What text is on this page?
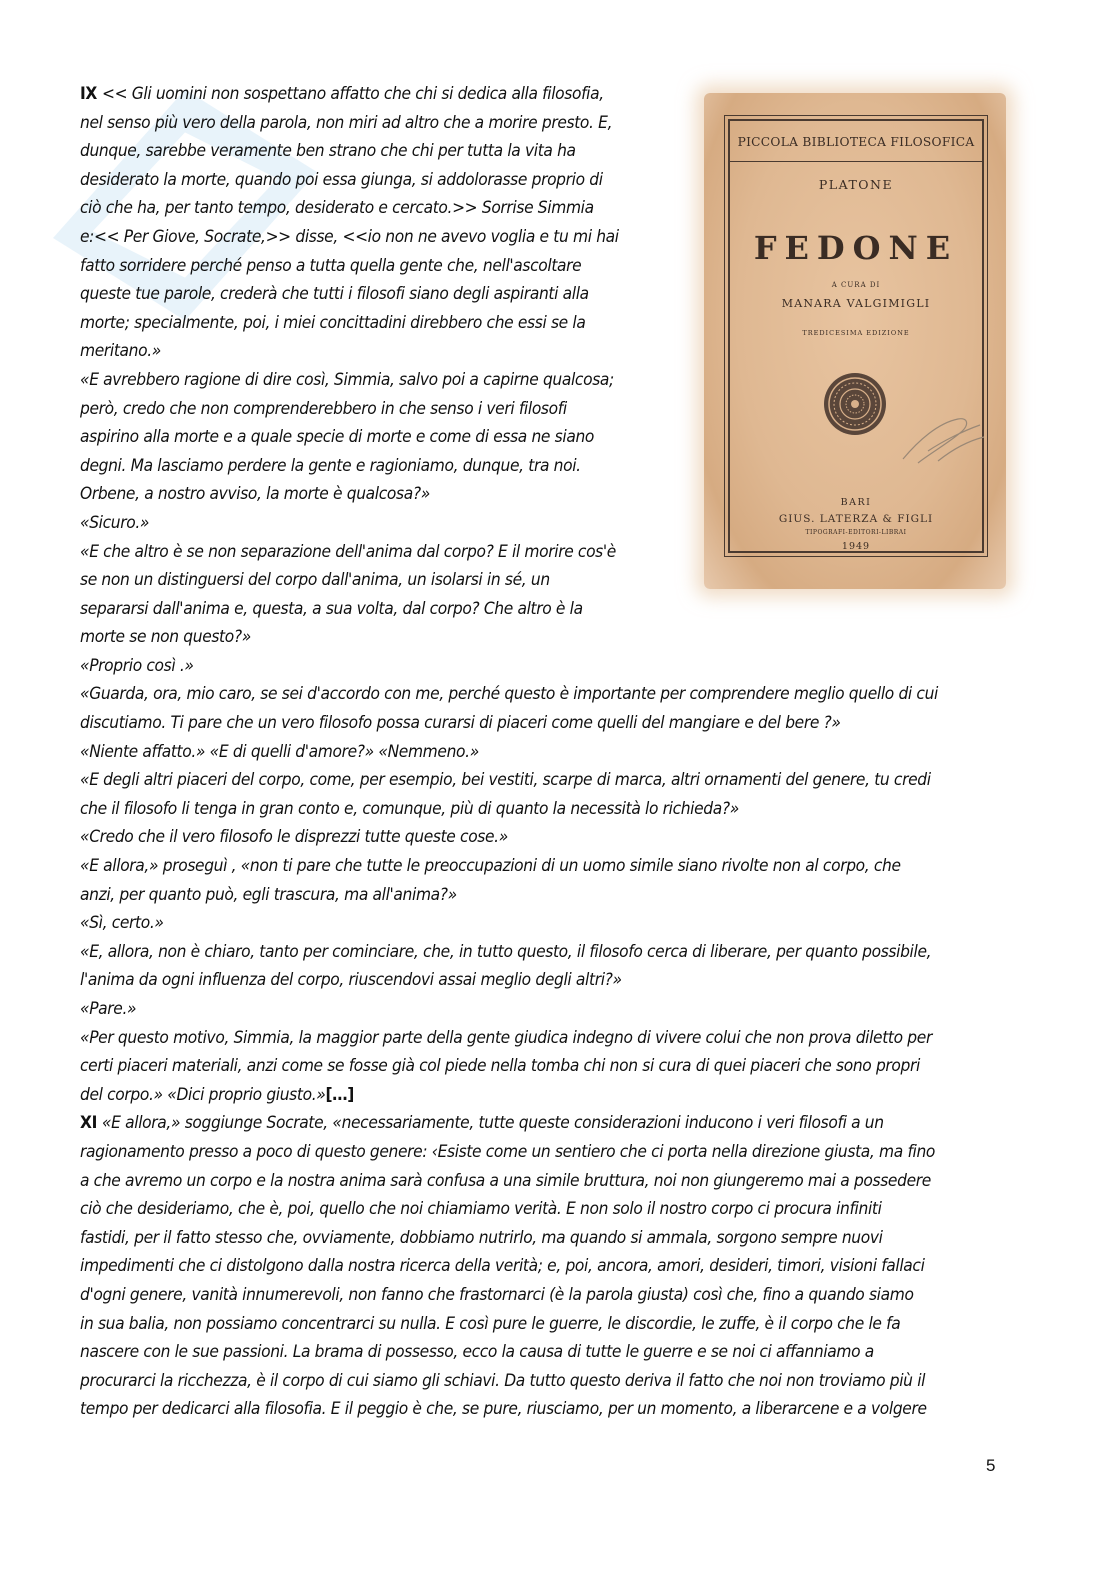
IX << Gli uomini non sospettano affatto che chi si dedica alla filosofia,
nel senso più vero della parola, non miri ad altro che a morire presto. E,
dunque, sarebbe veramente ben strano che chi per tutta la vita ha
desiderato la morte, quando poi essa giunga, si addolorasse proprio di
ciò che ha, per tanto tempo, desiderato e cercato.>> Sorrise Simmia
e:<< Per Giove, Socrate,>> disse, <<io non ne avevo voglia e tu mi hai
fatto sorridere perché penso a tutta quella gente che, nell'ascoltare
queste tue parole, crederà che tutti i filosofi siano degli aspiranti alla
morte; specialmente, poi, i miei concittadini direbbero che essi se la
meritano.»
«E avrebbero ragione di dire così, Simmia, salvo poi a capirne qualcosa;
però, credo che non comprenderebbero in che senso i veri filosofi
aspirino alla morte e a quale specie di morte e come di essa ne siano
degni. Ma lasciamo perdere la gente e ragioniamo, dunque, tra noi.
Orbene, a nostro avviso, la morte è qualcosa?»
«Sicuro.»
«E che altro è se non separazione dell'anima dal corpo? E il morire cos'è
se non un distinguersi del corpo dall'anima, un isolarsi in sé, un
separarsi dall'anima e, questa, a sua volta, dal corpo? Che altro è la
morte se non questo?»
«Proprio così .»
«Guarda, ora, mio caro, se sei d'accordo con me, perché questo è importante per comprendere meglio quello di cui
discutiamo. Ti pare che un vero filosofo possa curarsi di piaceri come quelli del mangiare e del bere ?»
«Niente affatto.» «E di quelli d'amore?» «Nemmeno.»
«E degli altri piaceri del corpo, come, per esempio, bei vestiti, scarpe di marca, altri ornamenti del genere, tu credi
che il filosofo li tenga in gran conto e, comunque, più di quanto la necessità lo richieda?»
«Credo che il vero filosofo le disprezzi tutte queste cose.»
«E allora,» proseguì , «non ti pare che tutte le preoccupazioni di un uomo simile siano rivolte non al corpo, che
anzi, per quanto può, egli trascura, ma all'anima?»
«Sì, certo.»
«E, allora, non è chiaro, tanto per cominciare, che, in tutto questo, il filosofo cerca di liberare, per quanto possibile,
l'anima da ogni influenza del corpo, riuscendovi assai meglio degli altri?»
«Pare.»
«Per questo motivo, Simmia, la maggior parte della gente giudica indegno di vivere colui che non prova diletto per
certi piaceri materiali, anzi come se fosse già col piede nella tomba chi non si cura di quei piaceri che sono propri
del corpo.» «Dici proprio giusto.»[…]
XI «E allora,» soggiunge Socrate, «necessariamente, tutte queste considerazioni inducono i veri filosofi a un
ragionamento presso a poco di questo genere: ‹Esiste come un sentiero che ci porta nella direzione giusta, ma fino
a che avremo un corpo e la nostra anima sarà confusa a una simile bruttura, noi non giungeremo mai a possedere
ciò che desideriamo, che è, poi, quello che noi chiamiamo verità. E non solo il nostro corpo ci procura infiniti
fastidi, per il fatto stesso che, ovviamente, dobbiamo nutrirlo, ma quando si ammala, sorgono sempre nuovi
impedimenti che ci distolgono dalla nostra ricerca della verità; e, poi, ancora, amori, desideri, timori, visioni fallaci
d'ogni genere, vanità innumerevoli, non fanno che frastornarci (è la parola giusta) così che, fino a quando siamo
in sua balia, non possiamo concentrarci su nulla. E così pure le guerre, le discordie, le zuffe, è il corpo che le fa
nascere con le sue passioni. La brama di possesso, ecco la causa di tutte le guerre e se noi ci affanniamo a
procurarci la ricchezza, è il corpo di cui siamo gli schiavi. Da tutto questo deriva il fatto che noi non troviamo più il
tempo per dedicarci alla filosofia. E il peggio è che, se pure, riusciamo, per un momento, a liberarcene e a volgere
PICCOLA BIBLIOTECA FILOSOFICA
PLATONE
FEDONE
A CURA DI
MANARA VALGIMIGLI
TREDICESIMA EDIZIONE
BARI
GIUS. LATERZA & FIGLI
TIPOGRAFI-EDITORI-LIBRAI
1949
5
